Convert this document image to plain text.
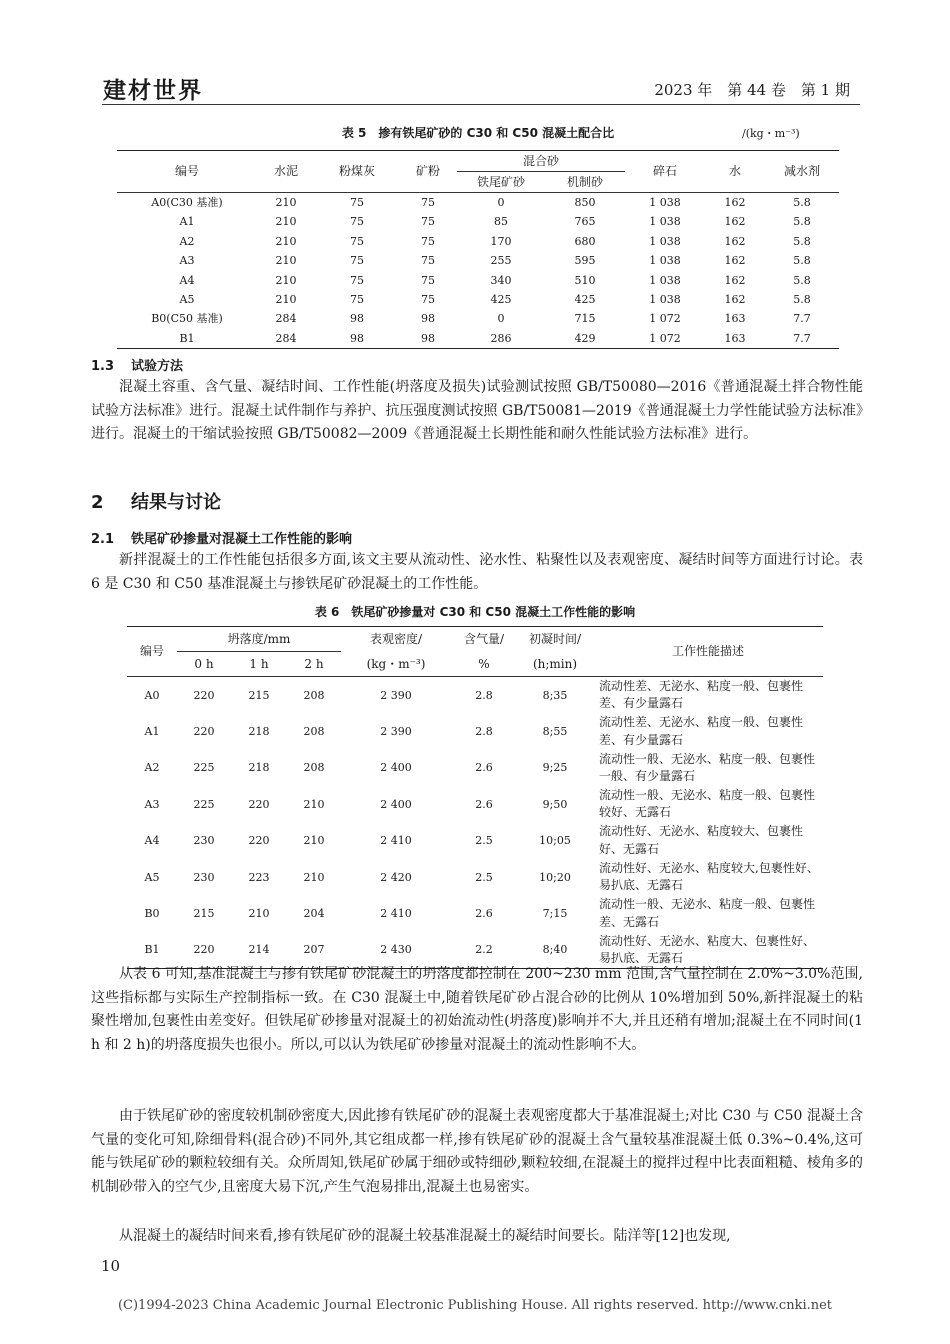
建材世界	2023 年　第 44 卷　第 1 期
表 5　掺有铁尾矿砂的 C30 和 C50 混凝土配合比	/(kg・m⁻³)
编号	水泥	粉煤灰	矿粉	混合砂		碎石	水	减水剂
				铁尾矿砂	机制砂			
A0(C30 基准)	210	75	75	0	850	1 038	162	5.8
A1	210	75	75	85	765	1 038	162	5.8
A2	210	75	75	170	680	1 038	162	5.8
A3	210	75	75	255	595	1 038	162	5.8
A4	210	75	75	340	510	1 038	162	5.8
A5	210	75	75	425	425	1 038	162	5.8
B0(C50 基准)	284	98	98	0	715	1 072	163	7.7
B1	284	98	98	286	429	1 072	163	7.7
1.3 试验方法

混凝土容重、含气量、凝结时间、工作性能(坍落度及损失)试验测试按照 GB/T50080—2016《普通混凝土拌合物性能试验方法标准》进行。混凝土试件制作与养护、抗压强度测试按照 GB/T50081—2019《普通混凝土力学性能试验方法标准》进行。混凝土的干缩试验按照 GB/T50082—2009《普通混凝土长期性能和耐久性能试验方法标准》进行。

2 结果与讨论
2.1 铁尾矿砂掺量对混凝土工作性能的影响

新拌混凝土的工作性能包括很多方面,该文主要从流动性、泌水性、粘聚性以及表观密度、凝结时间等方面进行讨论。表 6 是 C30 和 C50 基准混凝土与掺铁尾矿砂混凝土的工作性能。

表 6　铁尾矿砂掺量对 C30 和 C50 混凝土工作性能的影响
编号	坍落度/mm			表观密度/	含气量/	初凝时间/	工作性能描述
	0 h	1 h	2 h	(kg・m⁻³)	%	(h;min)	
A0	220	215	208	2 390	2.8	8;35	流动性差、无泌水、粘度一般、包裹性差、有少量露石
A1	220	218	208	2 390	2.8	8;55	流动性差、无泌水、粘度一般、包裹性差、有少量露石
A2	225	218	208	2 400	2.6	9;25	流动性一般、无泌水、粘度一般、包裹性一般、有少量露石
A3	225	220	210	2 400	2.6	9;50	流动性一般、无泌水、粘度一般、包裹性较好、无露石
A4	230	220	210	2 410	2.5	10;05	流动性好、无泌水、粘度较大、包裹性好、无露石
A5	230	223	210	2 420	2.5	10;20	流动性好、无泌水、粘度较大,包裹性好、易扒底、无露石
B0	215	210	204	2 410	2.6	7;15	流动性一般、无泌水、粘度一般、包裹性差、无露石
B1	220	214	207	2 430	2.2	8;40	流动性好、无泌水、粘度大、包裹性好、易扒底、无露石

从表 6 可知,基准混凝土与掺有铁尾矿砂混凝土的坍落度都控制在 200~230 mm 范围,含气量控制在 2.0%~3.0%范围,这些指标都与实际生产控制指标一致。在 C30 混凝土中,随着铁尾矿砂占混合砂的比例从 10%增加到 50%,新拌混凝土的粘聚性增加,包裹性由差变好。但铁尾矿砂掺量对混凝土的初始流动性(坍落度)影响并不大,并且还稍有增加;混凝土在不同时间(1 h 和 2 h)的坍落度损失也很小。所以,可以认为铁尾矿砂掺量对混凝土的流动性影响不大。

由于铁尾矿砂的密度较机制砂密度大,因此掺有铁尾矿砂的混凝土表观密度都大于基准混凝土;对比 C30 与 C50 混凝土含气量的变化可知,除细骨料(混合砂)不同外,其它组成都一样,掺有铁尾矿砂的混凝土含气量较基准混凝土低 0.3%~0.4%,这可能与铁尾矿砂的颗粒较细有关。众所周知,铁尾矿砂属于细砂或特细砂,颗粒较细,在混凝土的搅拌过程中比表面粗糙、棱角多的机制砂带入的空气少,且密度大易下沉,产生气泡易排出,混凝土也易密实。

从混凝土的凝结时间来看,掺有铁尾矿砂的混凝土较基准混凝土的凝结时间要长。陆洋等[12]也发现,

10
(C)1994-2023 China Academic Journal Electronic Publishing House. All rights reserved. http://www.cnki.net
